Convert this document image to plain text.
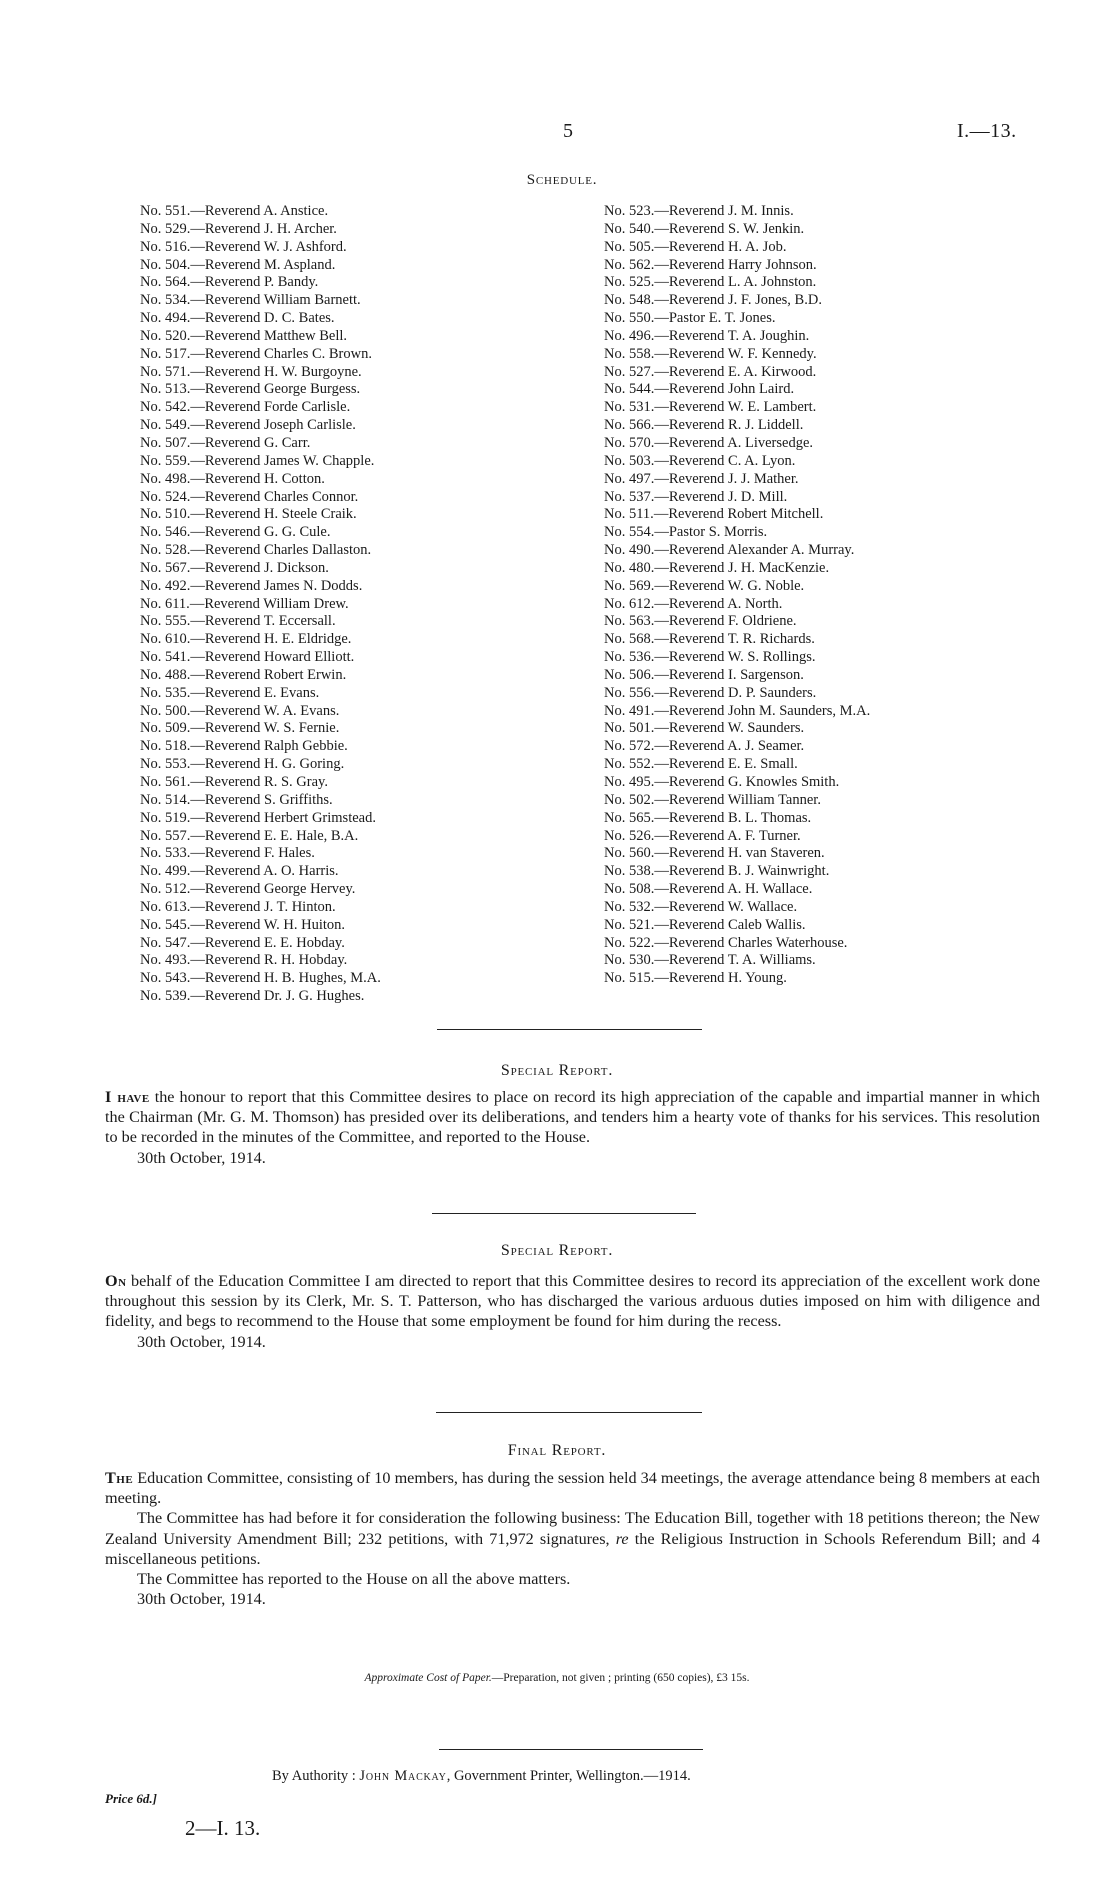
5	I.—13.
Schedule.
No. 551.—Reverend A. Anstice.
No. 529.—Reverend J. H. Archer.
No. 516.—Reverend W. J. Ashford.
No. 504.—Reverend M. Aspland.
No. 564.—Reverend P. Bandy.
No. 534.—Reverend William Barnett.
No. 494.—Reverend D. C. Bates.
No. 520.—Reverend Matthew Bell.
No. 517.—Reverend Charles C. Brown.
No. 571.—Reverend H. W. Burgoyne.
No. 513.—Reverend George Burgess.
No. 542.—Reverend Forde Carlisle.
No. 549.—Reverend Joseph Carlisle.
No. 507.—Reverend G. Carr.
No. 559.—Reverend James W. Chapple.
No. 498.—Reverend H. Cotton.
No. 524.—Reverend Charles Connor.
No. 510.—Reverend H. Steele Craik.
No. 546.—Reverend G. G. Cule.
No. 528.—Reverend Charles Dallaston.
No. 567.—Reverend J. Dickson.
No. 492.—Reverend James N. Dodds.
No. 611.—Reverend William Drew.
No. 555.—Reverend T. Eccersall.
No. 610.—Reverend H. E. Eldridge.
No. 541.—Reverend Howard Elliott.
No. 488.—Reverend Robert Erwin.
No. 535.—Reverend E. Evans.
No. 500.—Reverend W. A. Evans.
No. 509.—Reverend W. S. Fernie.
No. 518.—Reverend Ralph Gebbie.
No. 553.—Reverend H. G. Goring.
No. 561.—Reverend R. S. Gray.
No. 514.—Reverend S. Griffiths.
No. 519.—Reverend Herbert Grimstead.
No. 557.—Reverend E. E. Hale, B.A.
No. 533.—Reverend F. Hales.
No. 499.—Reverend A. O. Harris.
No. 512.—Reverend George Hervey.
No. 613.—Reverend J. T. Hinton.
No. 545.—Reverend W. H. Huiton.
No. 547.—Reverend E. E. Hobday.
No. 493.—Reverend R. H. Hobday.
No. 543.—Reverend H. B. Hughes, M.A.
No. 539.—Reverend Dr. J. G. Hughes.
No. 523.—Reverend J. M. Innis.
No. 540.—Reverend S. W. Jenkin.
No. 505.—Reverend H. A. Job.
No. 562.—Reverend Harry Johnson.
No. 525.—Reverend L. A. Johnston.
No. 548.—Reverend J. F. Jones, B.D.
No. 550.—Pastor E. T. Jones.
No. 496.—Reverend T. A. Joughin.
No. 558.—Reverend W. F. Kennedy.
No. 527.—Reverend E. A. Kirwood.
No. 544.—Reverend John Laird.
No. 531.—Reverend W. E. Lambert.
No. 566.—Reverend R. J. Liddell.
No. 570.—Reverend A. Liversedge.
No. 503.—Reverend C. A. Lyon.
No. 497.—Reverend J. J. Mather.
No. 537.—Reverend J. D. Mill.
No. 511.—Reverend Robert Mitchell.
No. 554.—Pastor S. Morris.
No. 490.—Reverend Alexander A. Murray.
No. 480.—Reverend J. H. MacKenzie.
No. 569.—Reverend W. G. Noble.
No. 612.—Reverend A. North.
No. 563.—Reverend F. Oldriene.
No. 568.—Reverend T. R. Richards.
No. 536.—Reverend W. S. Rollings.
No. 506.—Reverend I. Sargenson.
No. 556.—Reverend D. P. Saunders.
No. 491.—Reverend John M. Saunders, M.A.
No. 501.—Reverend W. Saunders.
No. 572.—Reverend A. J. Seamer.
No. 552.—Reverend E. E. Small.
No. 495.—Reverend G. Knowles Smith.
No. 502.—Reverend William Tanner.
No. 565.—Reverend B. L. Thomas.
No. 526.—Reverend A. F. Turner.
No. 560.—Reverend H. van Staveren.
No. 538.—Reverend B. J. Wainwright.
No. 508.—Reverend A. H. Wallace.
No. 532.—Reverend W. Wallace.
No. 521.—Reverend Caleb Wallis.
No. 522.—Reverend Charles Waterhouse.
No. 530.—Reverend T. A. Williams.
No. 515.—Reverend H. Young.
Special Report.

I have the honour to report that this Committee desires to place on record its high appreciation of the capable and impartial manner in which the Chairman (Mr. G. M. Thomson) has presided over its deliberations, and tenders him a hearty vote of thanks for his services. This resolution to be recorded in the minutes of the Committee, and reported to the House.

30th October, 1914.

Special Report.

On behalf of the Education Committee I am directed to report that this Committee desires to record its appreciation of the excellent work done throughout this session by its Clerk, Mr. S. T. Patterson, who has discharged the various arduous duties imposed on him with diligence and fidelity, and begs to recommend to the House that some employment be found for him during the recess.

30th October, 1914.

Final Report.

The Education Committee, consisting of 10 members, has during the session held 34 meetings, the average attendance being 8 members at each meeting.

The Committee has had before it for consideration the following business: The Education Bill, together with 18 petitions thereon; the New Zealand University Amendment Bill; 232 petitions, with 71,972 signatures, re the Religious Instruction in Schools Referendum Bill; and 4 miscellaneous petitions.

The Committee has reported to the House on all the above matters.

30th October, 1914.

Approximate Cost of Paper.—Preparation, not given ; printing (650 copies), £3 15s.
By Authority : John Mackay, Government Printer, Wellington.—1914.
Price 6d.]
2—I. 13.
